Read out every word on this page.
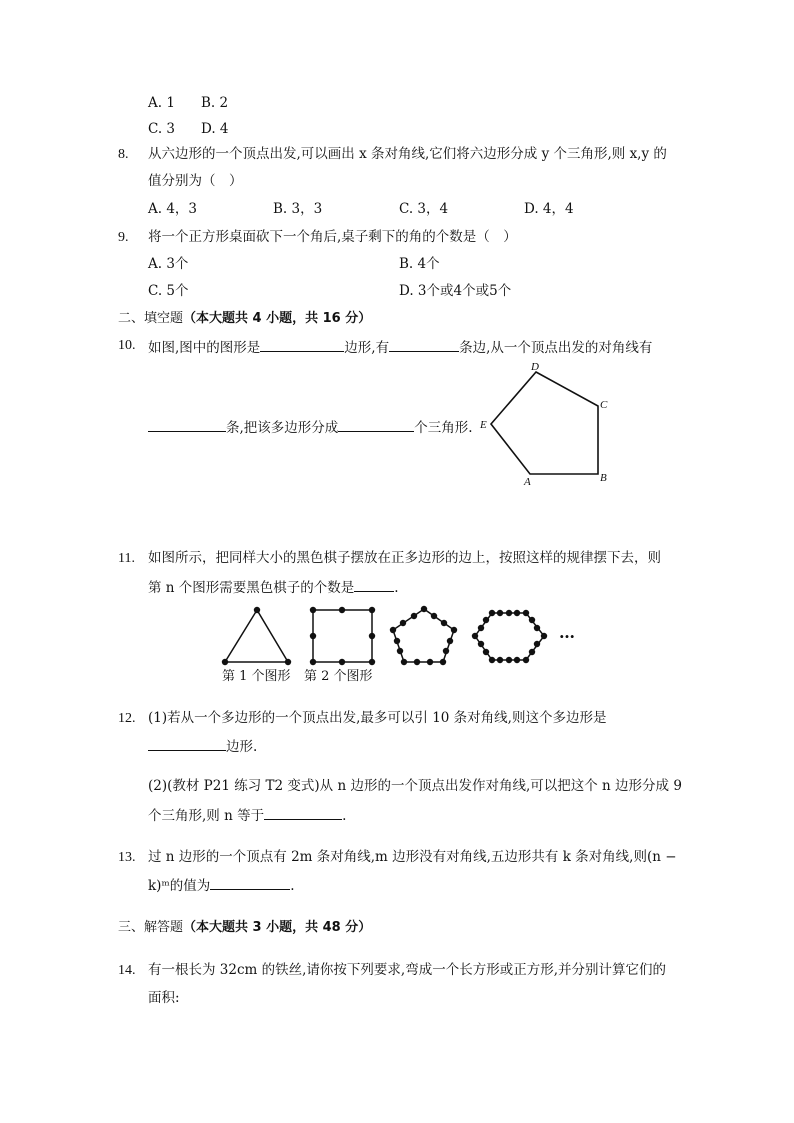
A. 1 B. 2
C. 3 D. 4
8. 从六边形的一个顶点出发,可以画出 x 条对角线,它们将六边形分成 y 个三角形,则 x,y 的
值分别为（　）
A. 4，3	B. 3，3	C. 3，4	D. 4，4
9. 将一个正方形桌面砍下一个角后,桌子剩下的角的个数是（　）
A. 3个	B. 4个
C. 5个	D. 3个或4个或5个
二、填空题（本大题共 4 小题，共 16 分）
10. 如图,图中的图形是	边形,有	条边,从一个顶点出发的对角线有
条,把该多边形分成	个三角形.
D
C
B
A
E
11. 如图所示，把同样大小的黑色棋子摆放在正多边形的边上，按照这样的规律摆下去，则
第 n 个图形需要黑色棋子的个数是	.
…
第 1 个图形 第 2 个图形
12. (1)若从一个多边形的一个顶点出发,最多可以引 10 条对角线,则这个多边形是
边形.
(2)(教材 P21 练习 T2 变式)从 n 边形的一个顶点出发作对角线,可以把这个 n 边形分成 9
个三角形,则 n 等于	.
13. 过 n 边形的一个顶点有 2m 条对角线,m 边形没有对角线,五边形共有 k 条对角线,则(n −
k)ᵐ的值为	.
三、解答题（本大题共 3 小题，共 48 分）
14. 有一根长为 32cm 的铁丝,请你按下列要求,弯成一个长方形或正方形,并分别计算它们的
面积:
